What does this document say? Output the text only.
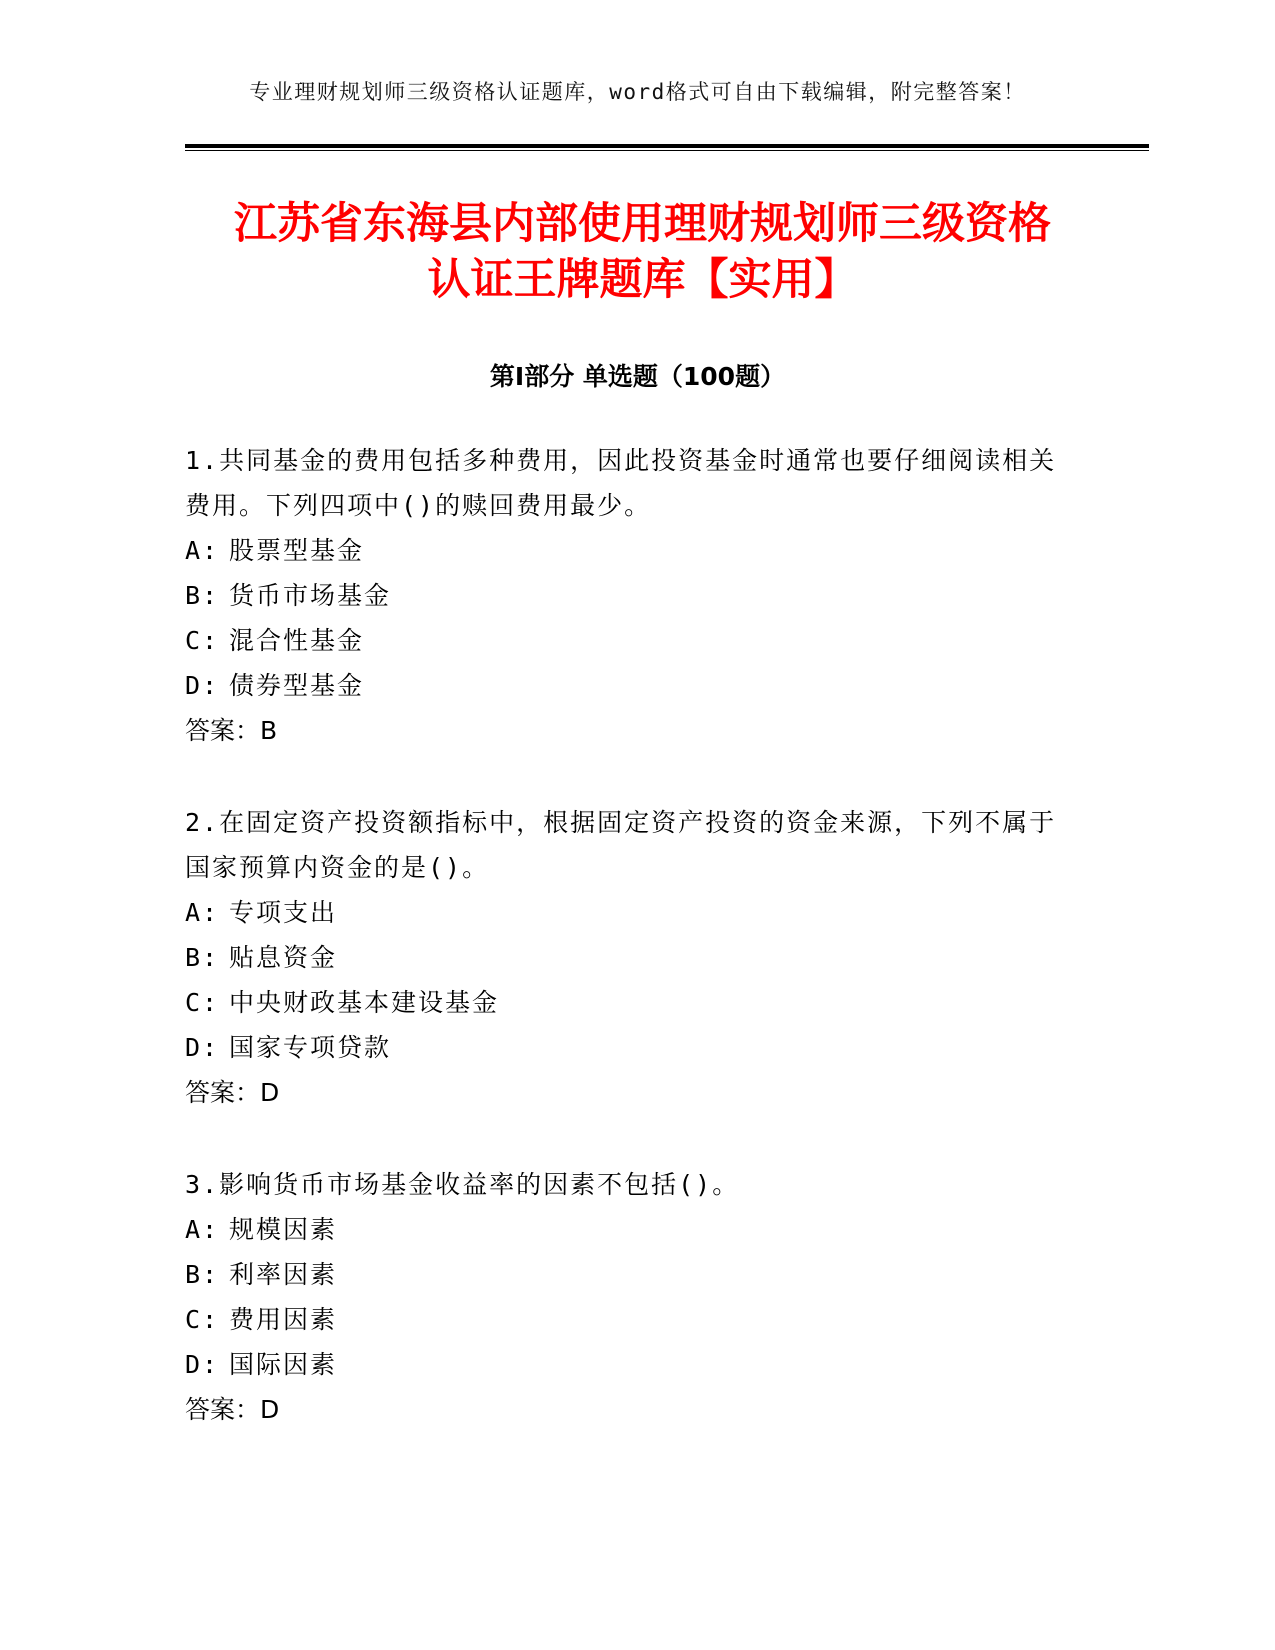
专业理财规划师三级资格认证题库，word格式可自由下载编辑，附完整答案！
江苏省东海县内部使用理财规划师三级资格
认证王牌题库【实用】
第Ⅰ部分 单选题（100题）

1.共同基金的费用包括多种费用，因此投资基金时通常也要仔细阅读相关费用。下列四项中()的赎回费用最少。

A: 股票型基金
B: 货币市场基金
C: 混合性基金
D: 债券型基金
答案：B

2.在固定资产投资额指标中，根据固定资产投资的资金来源，下列不属于国家预算内资金的是()。

A: 专项支出
B: 贴息资金
C: 中央财政基本建设基金
D: 国家专项贷款
答案：D

3.影响货币市场基金收益率的因素不包括()。

A: 规模因素
B: 利率因素
C: 费用因素
D: 国际因素
答案：D
